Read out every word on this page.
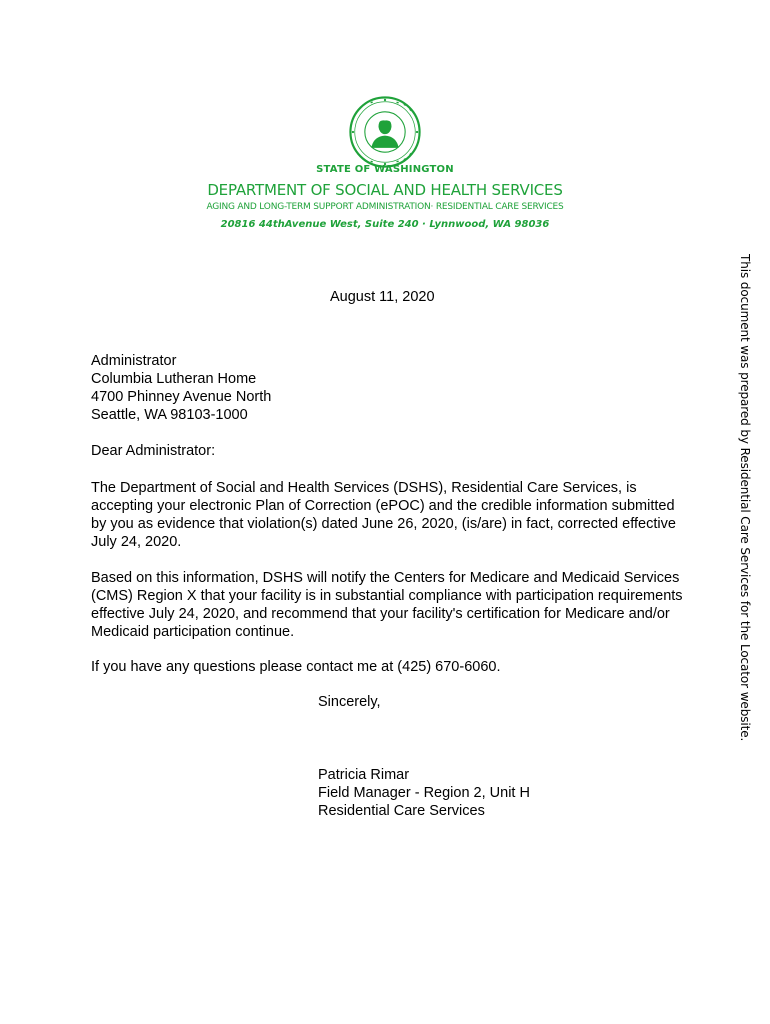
STATE OF WASHINGTON
DEPARTMENT OF SOCIAL AND HEALTH SERVICES
AGING AND LONG-TERM SUPPORT ADMINISTRATION· RESIDENTIAL CARE SERVICES
20816 44thAvenue West, Suite 240 · Lynnwood, WA 98036
This document was prepared by Residential Care Services for the Locator website.
August 11, 2020
Administrator
Columbia Lutheran Home
4700 Phinney Avenue North
Seattle, WA 98103-1000
Dear Administrator:

The Department of Social and Health Services (DSHS), Residential Care Services, is accepting your electronic Plan of Correction (ePOC) and the credible information submitted by you as evidence that violation(s) dated June 26, 2020, (is/are) in fact, corrected effective July 24, 2020.

Based on this information, DSHS will notify the Centers for Medicare and Medicaid Services (CMS) Region X that your facility is in substantial compliance with participation requirements effective July 24, 2020, and recommend that your facility's certification for Medicare and/or Medicaid participation continue.

If you have any questions please contact me at (425) 670-6060.

Sincerely,
Patricia Rimar
Field Manager - Region 2, Unit H
Residential Care Services
